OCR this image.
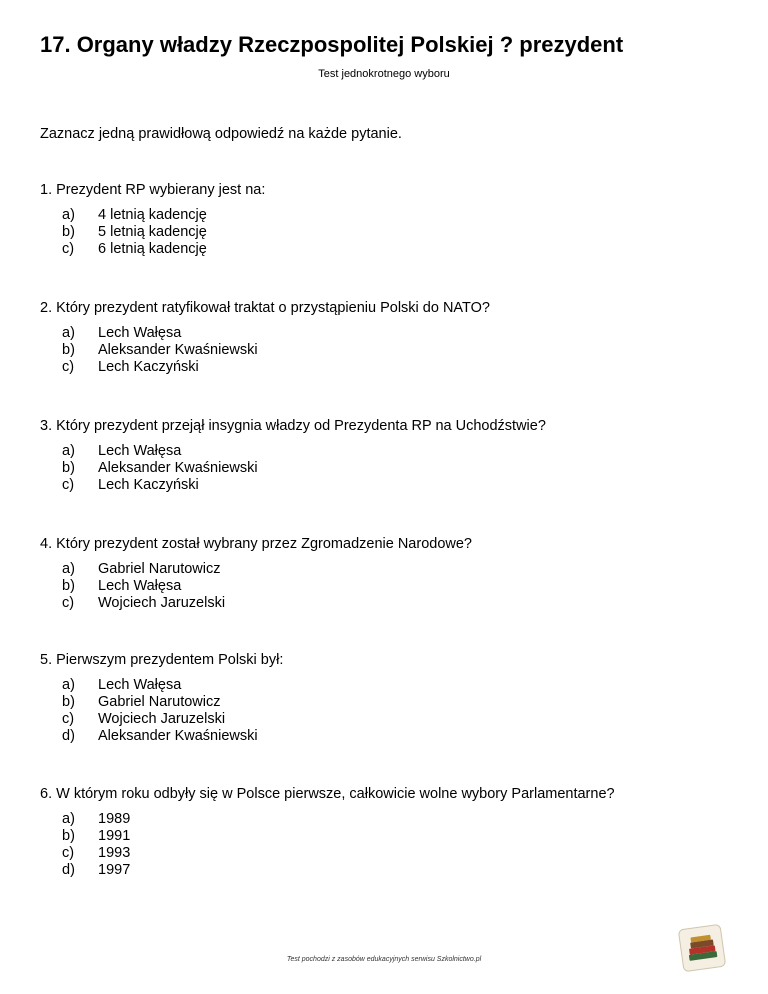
17. Organy władzy Rzeczpospolitej Polskiej ? prezydent
Test jednokrotnego wyboru
Zaznacz jedną prawidłową odpowiedź na każde pytanie.

1. Prezydent RP wybierany jest na:

a)	4 letnią kadencję
b)	5 letnią kadencję
c)	6 letnią kadencję

2. Który prezydent ratyfikował traktat o przystąpieniu Polski do NATO?

a)	Lech Wałęsa
b)	Aleksander Kwaśniewski
c)	Lech Kaczyński

3. Który prezydent przejął insygnia władzy od Prezydenta RP na Uchodźstwie?

a)	Lech Wałęsa
b)	Aleksander Kwaśniewski
c)	Lech Kaczyński

4. Który prezydent został wybrany przez Zgromadzenie Narodowe?

a)	Gabriel Narutowicz
b)	Lech Wałęsa
c)	Wojciech Jaruzelski

5. Pierwszym prezydentem Polski był:

a)	Lech Wałęsa
b)	Gabriel Narutowicz
c)	Wojciech Jaruzelski
d)	Aleksander Kwaśniewski

6. W którym roku odbyły się w Polsce pierwsze, całkowicie wolne wybory Parlamentarne?

a)	1989
b)	1991
c)	1993
d)	1997
Test pochodzi z zasobów edukacyjnych serwisu Szkolnictwo.pl
